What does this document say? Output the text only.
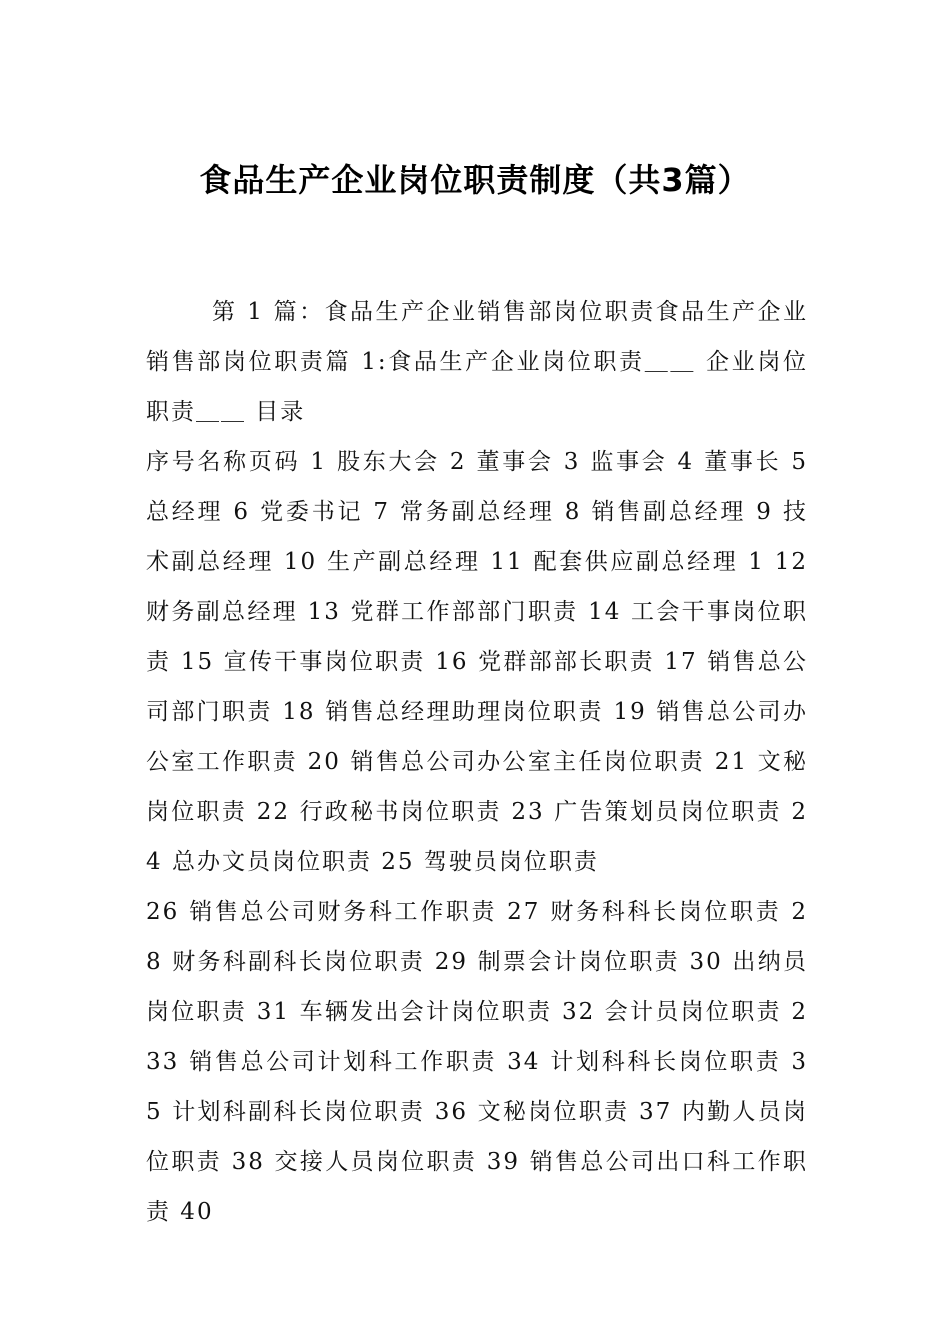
食品生产企业岗位职责制度（共3篇）

第 1 篇：食品生产企业销售部岗位职责食品生产企业销售部岗位职责篇 1:食品生产企业岗位职责＿＿ 企业岗位职责＿＿ 目录

序号名称页码 1 股东大会 2 董事会 3 监事会 4 董事长 5 总经理 6 党委书记 7 常务副总经理 8 销售副总经理 9 技术副总经理 10 生产副总经理 11 配套供应副总经理 1 12 财务副总经理 13 党群工作部部门职责 14 工会干事岗位职责 15 宣传干事岗位职责 16 党群部部长职责 17 销售总公司部门职责 18 销售总经理助理岗位职责 19 销售总公司办公室工作职责 20 销售总公司办公室主任岗位职责 21 文秘岗位职责 22 行政秘书岗位职责 23 广告策划员岗位职责 24 总办文员岗位职责 25 驾驶员岗位职责

26 销售总公司财务科工作职责 27 财务科科长岗位职责 28 财务科副科长岗位职责 29 制票会计岗位职责 30 出纳员岗位职责 31 车辆发出会计岗位职责 32 会计员岗位职责 2 33 销售总公司计划科工作职责 34 计划科科长岗位职责 35 计划科副科长岗位职责 36 文秘岗位职责 37 内勤人员岗位职责 38 交接人员岗位职责 39 销售总公司出口科工作职责 40
